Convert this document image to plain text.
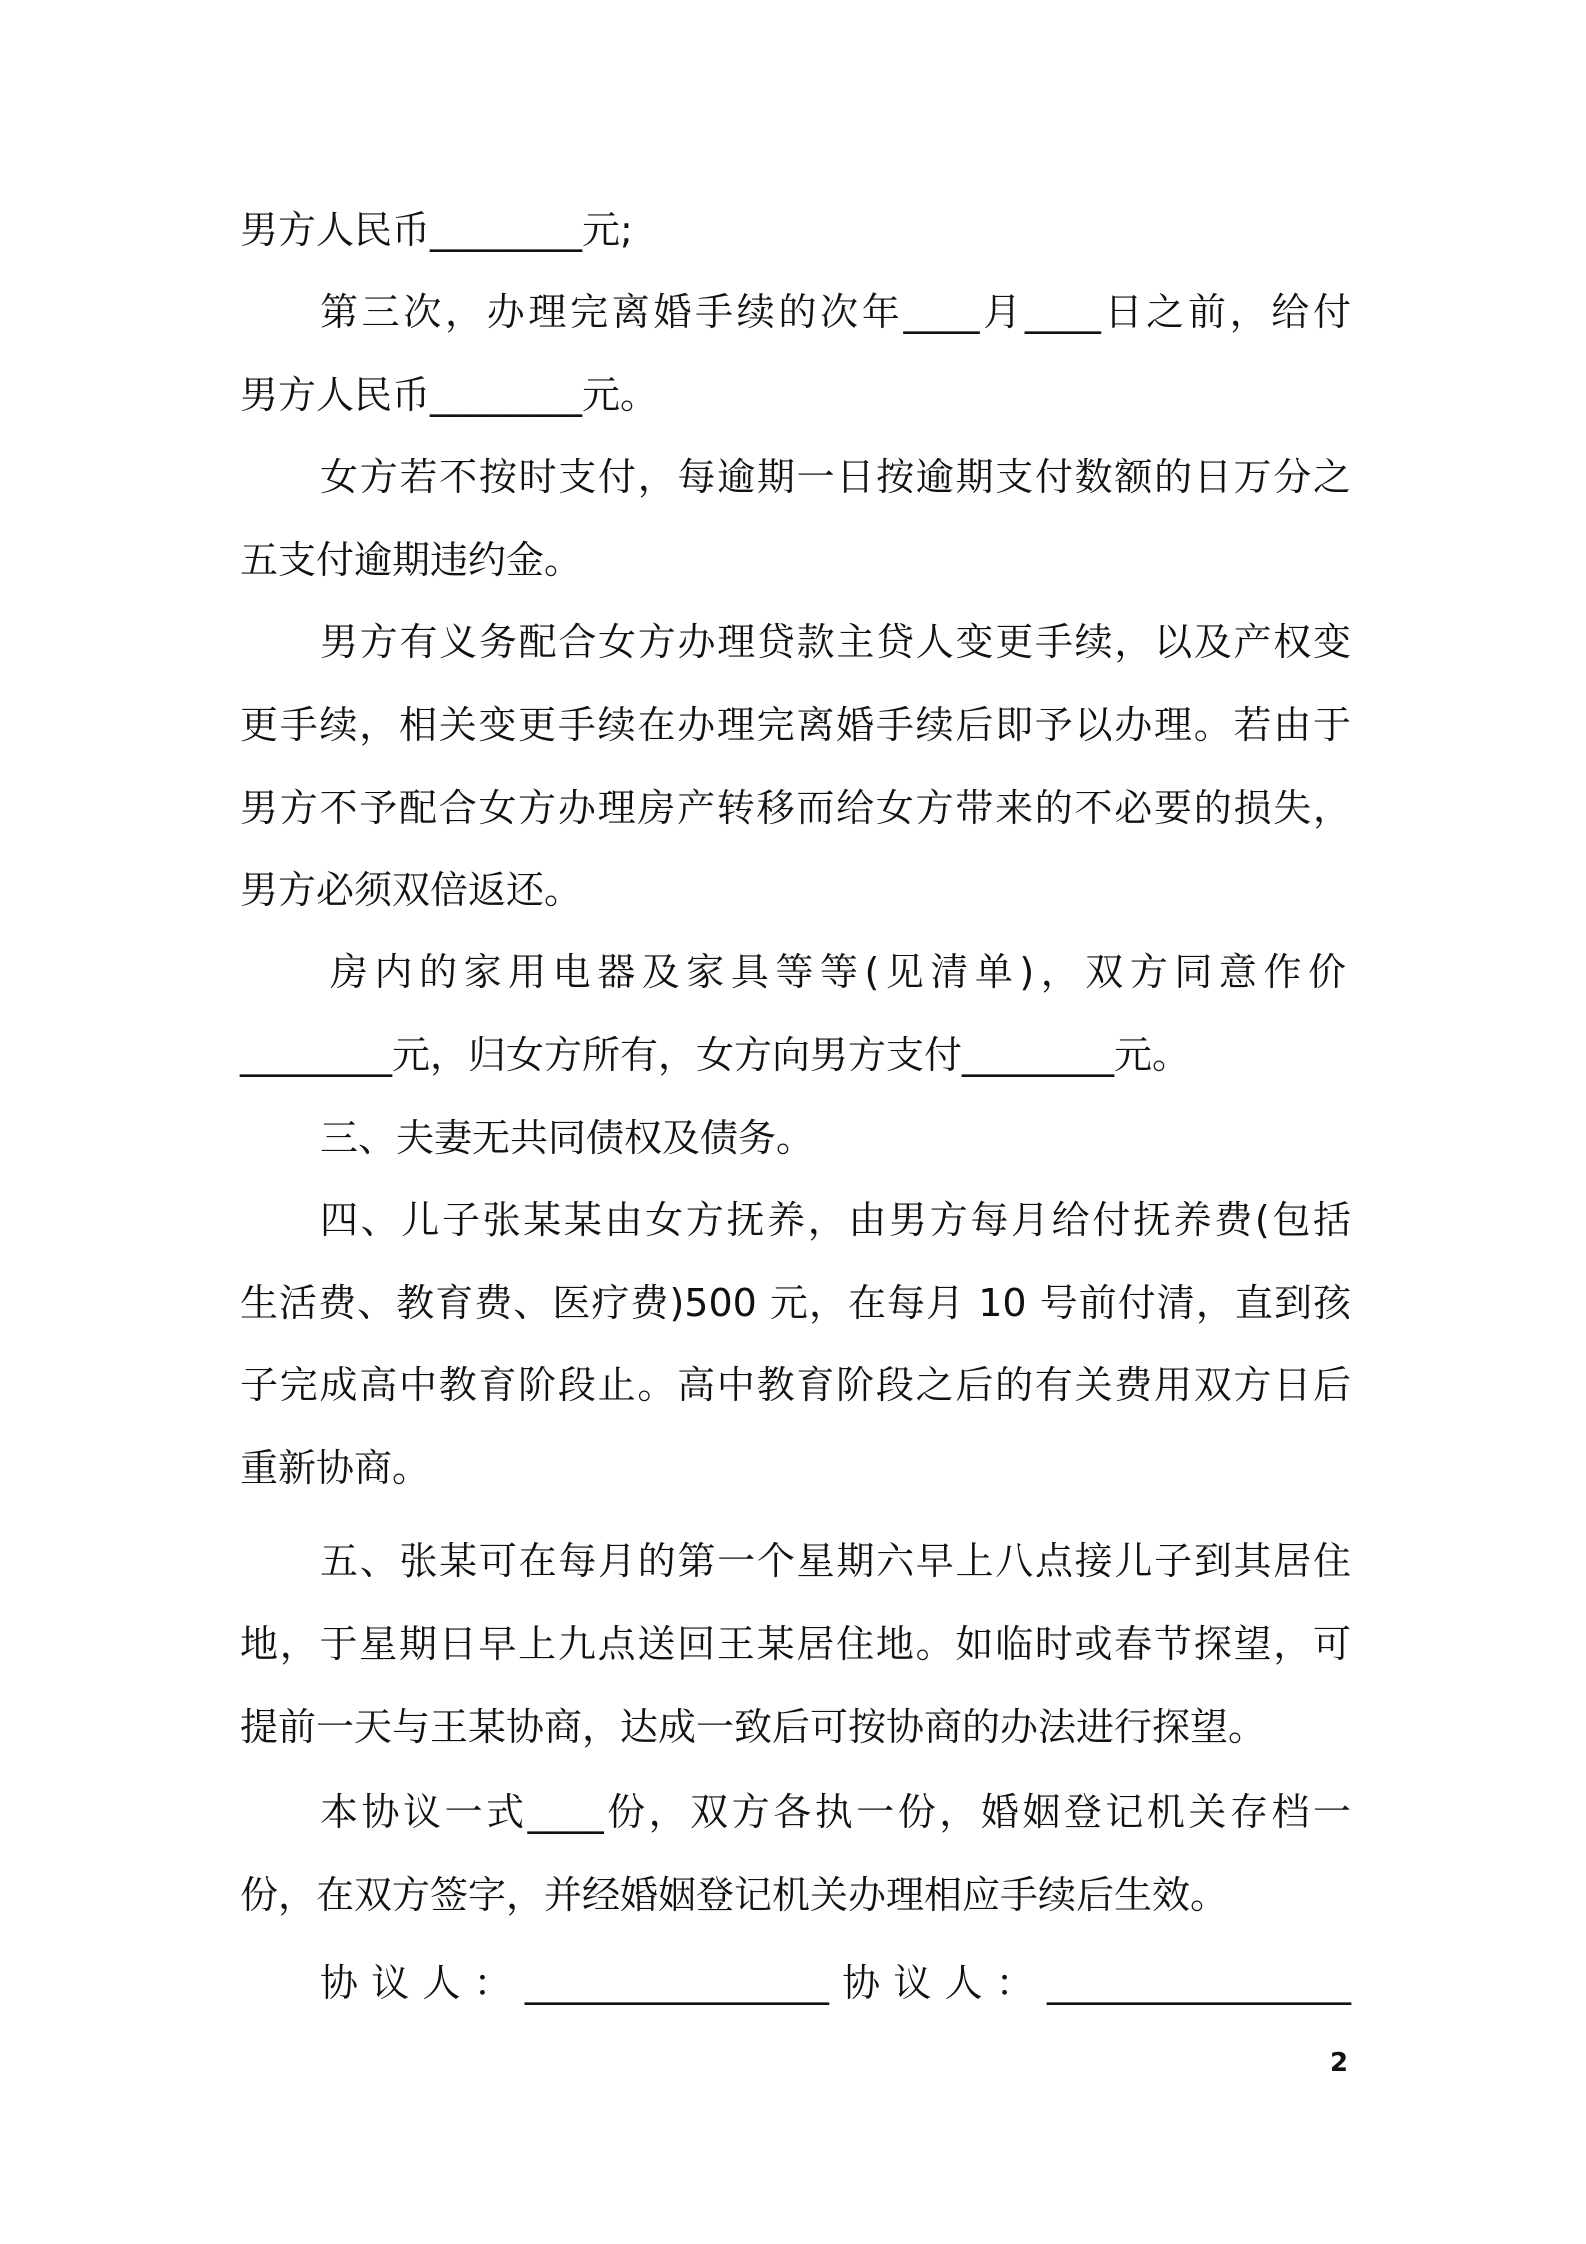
男方人民币________元;
第三次，办理完离婚手续的次年____月____日之前，给付
男方人民币________元。
女方若不按时支付，每逾期一日按逾期支付数额的日万分之
五支付逾期违约金。
男方有义务配合女方办理贷款主贷人变更手续，以及产权变
更手续，相关变更手续在办理完离婚手续后即予以办理。若由于
男方不予配合女方办理房产转移而给女方带来的不必要的损失，
男方必须双倍返还。
房内的家用电器及家具等等(见清单)，双方同意作价
________元，归女方所有，女方向男方支付________元。
三、夫妻无共同债权及债务。
四、儿子张某某由女方抚养，由男方每月给付抚养费(包括
生活费、教育费、医疗费)500 元，在每月 10 号前付清，直到孩
子完成高中教育阶段止。高中教育阶段之后的有关费用双方日后
重新协商。
五、张某可在每月的第一个星期六早上八点接儿子到其居住
地，于星期日早上九点送回王某居住地。如临时或春节探望，可
提前一天与王某协商，达成一致后可按协商的办法进行探望。
本协议一式____份，双方各执一份，婚姻登记机关存档一
份，在双方签字，并经婚姻登记机关办理相应手续后生效。
协议人：________________协议人：________________
2
